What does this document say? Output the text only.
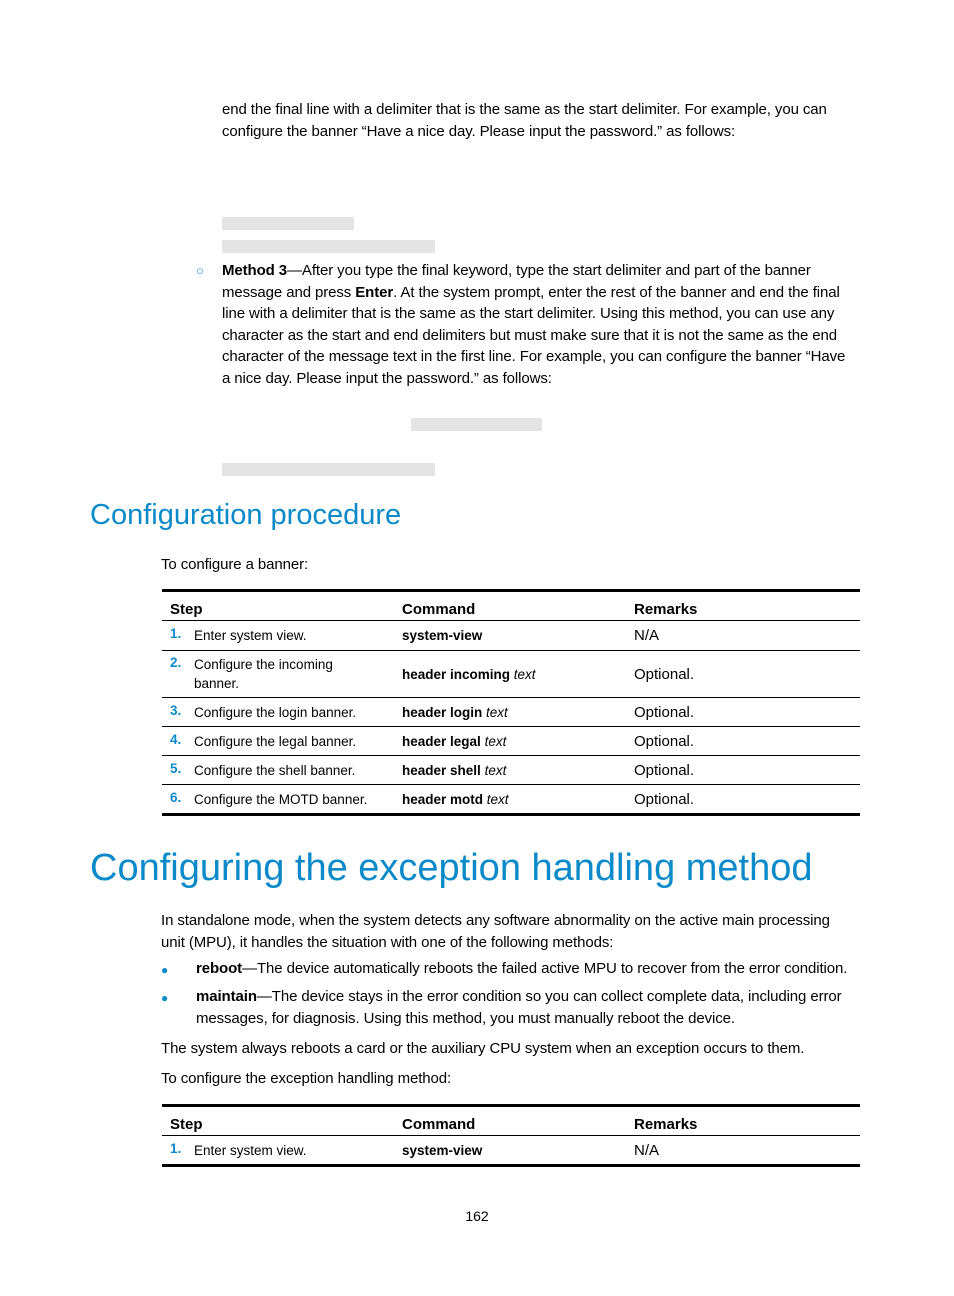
end the final line with a delimiter that is the same as the start delimiter. For example, you can
configure the banner “Have a nice day. Please input the password.” as follows:
○ Method 3—After you type the final keyword, type the start delimiter and part of the banner
message and press Enter. At the system prompt, enter the rest of the banner and end the final
line with a delimiter that is the same as the start delimiter. Using this method, you can use any
character as the start and end delimiters but must make sure that it is not the same as the end
character of the message text in the first line. For example, you can configure the banner “Have
a nice day. Please input the password.” as follows:
Configuration procedure
To configure a banner:
Step	Command	Remarks
1. Enter system view.	system-view	N/A
2. Configure the incoming banner.	header incoming text	Optional.
3. Configure the login banner.	header login text	Optional.
4. Configure the legal banner.	header legal text	Optional.
5. Configure the shell banner.	header shell text	Optional.
6. Configure the MOTD banner.	header motd text	Optional.
Configuring the exception handling method
In standalone mode, when the system detects any software abnormality on the active main processing
unit (MPU), it handles the situation with one of the following methods:
● reboot—The device automatically reboots the failed active MPU to recover from the error condition.
● maintain—The device stays in the error condition so you can collect complete data, including error
messages, for diagnosis. Using this method, you must manually reboot the device.
The system always reboots a card or the auxiliary CPU system when an exception occurs to them.
To configure the exception handling method:
Step	Command	Remarks
1. Enter system view.	system-view	N/A
162
